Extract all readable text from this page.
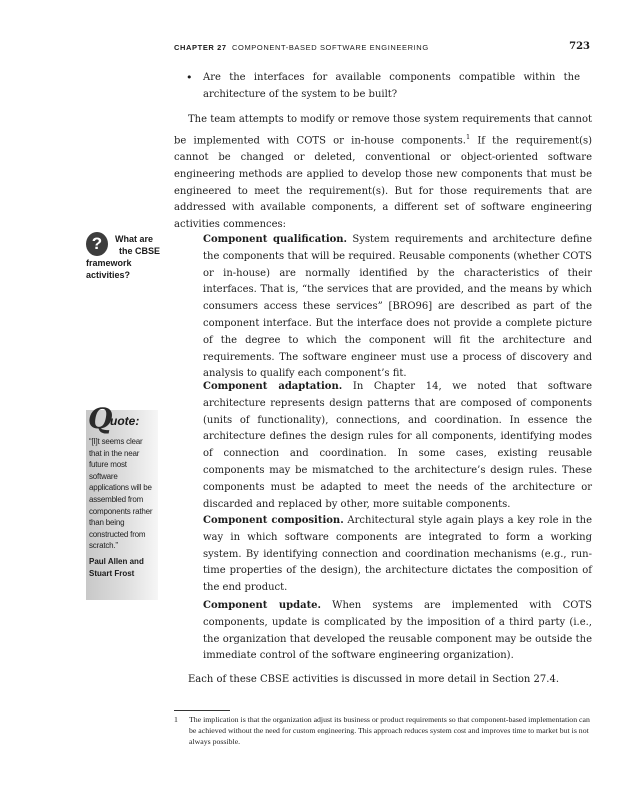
CHAPTER 27 COMPONENT-BASED SOFTWARE ENGINEERING	723
• Are the interfaces for available components compatible within the architecture of the system to be built?

The team attempts to modify or remove those system requirements that cannot be implemented with COTS or in-house components.$^1$ If the requirement(s) cannot be changed or deleted, conventional or object-oriented software engineering methods are applied to develop those new components that must be engineered to meet the requirement(s). But for those requirements that are addressed with available components, a different set of software engineering activities commences:

Component qualification. System requirements and architecture define the components that will be required. Reusable components (whether COTS or in-house) are normally identified by the characteristics of their interfaces. That is, “the services that are provided, and the means by which consumers access these services” [BRO96] are described as part of the component interface. But the interface does not provide a complete picture of the degree to which the component will fit the architecture and requirements. The software engineer must use a process of discovery and analysis to qualify each component’s fit.

Component adaptation. In Chapter 14, we noted that software architecture represents design patterns that are composed of components (units of functionality), connections, and coordination. In essence the architecture defines the design rules for all components, identifying modes of connection and coordination. In some cases, existing reusable components may be mismatched to the architecture’s design rules. These components must be adapted to meet the needs of the architecture or discarded and replaced by other, more suitable components.

Component composition. Architectural style again plays a key role in the way in which software components are integrated to form a working system. By identifying connection and coordination mechanisms (e.g., run-time properties of the design), the architecture dictates the composition of the end product.

Component update. When systems are implemented with COTS components, update is complicated by the imposition of a third party (i.e., the organization that developed the reusable component may be outside the immediate control of the software engineering organization).

Each of these CBSE activities is discussed in more detail in Section 27.4.

1 The implication is that the organization adjust its business or product requirements so that component-based implementation can be achieved without the need for custom engineering. This approach reduces system cost and improves time to market but is not always possible.

?	What are

the CBSE

framework

activities?

Q
uote:

“[I]t seems clear that in the near future most software applications will be assembled from components rather than being constructed from scratch.”

Paul Allen and
Stuart Frost
